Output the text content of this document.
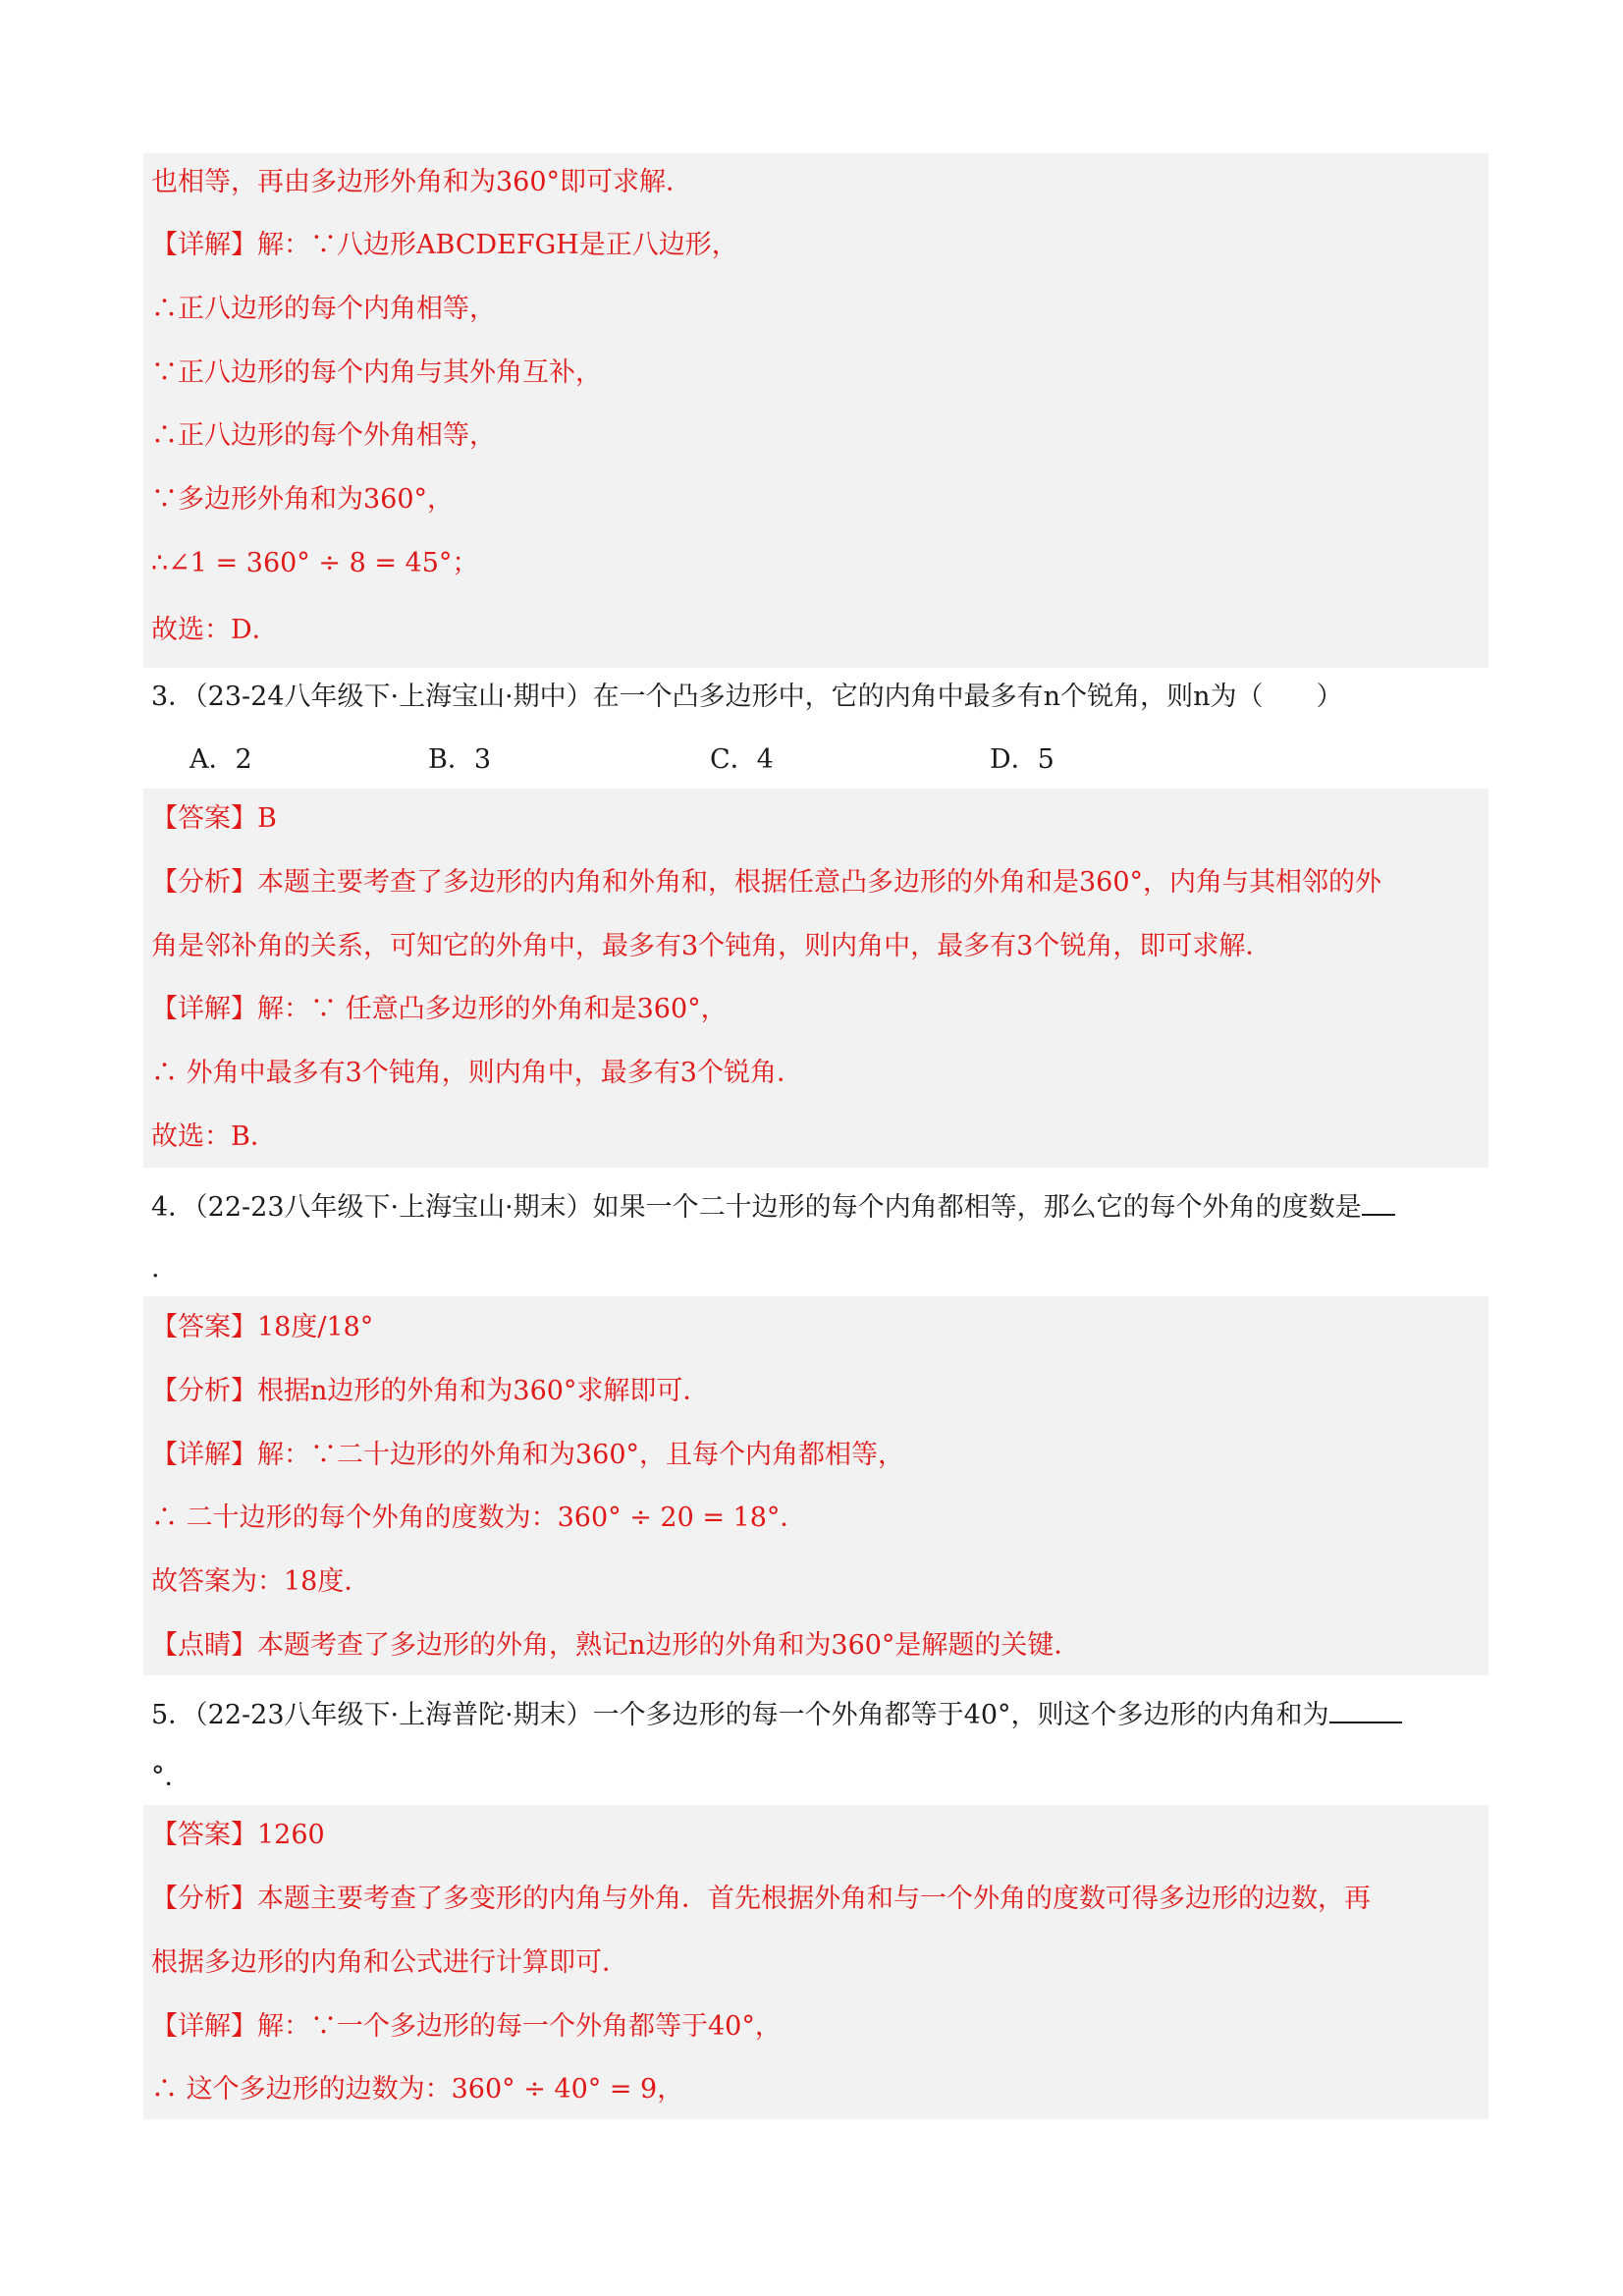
也相等，再由多边形外角和为360°即可求解．
【详解】解：∵八边形ABCDEFGH是正八边形，
∴正八边形的每个内角相等，
∵正八边形的每个内角与其外角互补，
∴正八边形的每个外角相等，
∵多边形外角和为360°，
∴∠1 = 360° ÷ 8 = 45°；
故选：D．
3．（23-24八年级下·上海宝山·期中）在一个凸多边形中，它的内角中最多有n个锐角，则n为（　　）
A．2	B．3	C．4	D．5
【答案】B
【分析】本题主要考查了多边形的内角和外角和，根据任意凸多边形的外角和是360°，内角与其相邻的外
角是邻补角的关系，可知它的外角中，最多有3个钝角，则内角中，最多有3个锐角，即可求解．
【详解】解：∵ 任意凸多边形的外角和是360°，
∴ 外角中最多有3个钝角，则内角中，最多有3个锐角．
故选：B．
4．（22-23八年级下·上海宝山·期末）如果一个二十边形的每个内角都相等，那么它的每个外角的度数是
.
【答案】18度/18°
【分析】根据n边形的外角和为360°求解即可．
【详解】解：∵二十边形的外角和为360°，且每个内角都相等，
∴ 二十边形的每个外角的度数为：360° ÷ 20 = 18°．
故答案为：18度．
【点睛】本题考查了多边形的外角，熟记n边形的外角和为360°是解题的关键．
5．（22-23八年级下·上海普陀·期末）一个多边形的每一个外角都等于40°，则这个多边形的内角和为
°．
【答案】1260
【分析】本题主要考查了多变形的内角与外角．首先根据外角和与一个外角的度数可得多边形的边数，再
根据多边形的内角和公式进行计算即可．
【详解】解：∵一个多边形的每一个外角都等于40°，
∴ 这个多边形的边数为：360° ÷ 40° = 9，
